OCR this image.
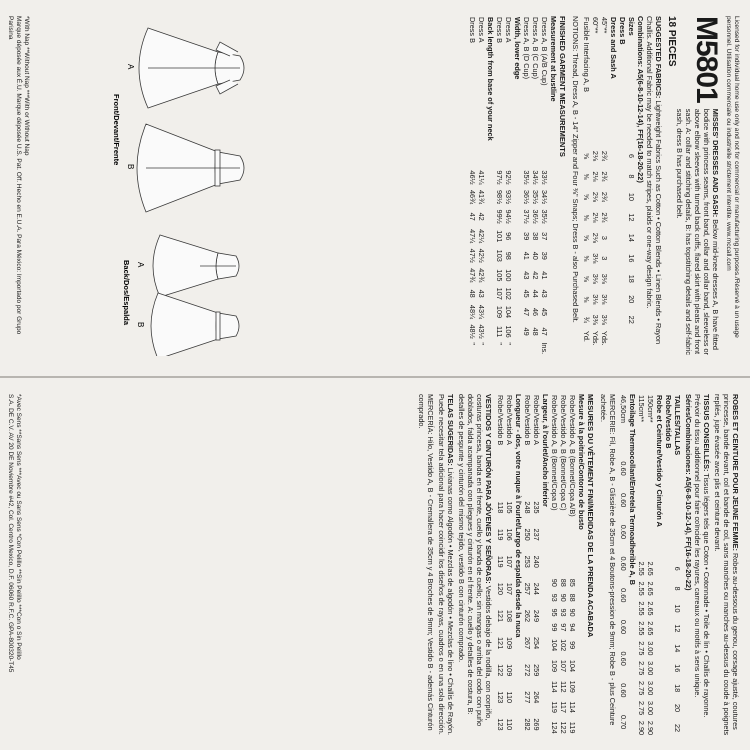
Licensed for individual home use only and not for commercial or manufacturing purposes./Réservé à un usage personnel. Utilisation commerciale ou industrielle strictement interdite. www.mccall.com
M5801
18 PIECES
MISSES' DRESSES AND SASH: Below mid-knee dresses A, B have fitted bodice with princess seams, front band, collar and collar band, sleeveless or above elbow sleeves with turned back cuffs, flared skirt with pleats and front sash. A: collar and stitching details, B: has topstitching details and self-fabric sash, dress B has purchased belt.
SUGGESTED FABRICS: Lightweight Fabrics Such as Cotton • Cotton Blends • Linen Blends • Rayon Challis. Additional Fabric may be needed to match stripes, plaids or one-way design fabric.
Combinations: A5(6-8-10-12-14), FF(16-18-20-22)
Sizes	6	8	10	12	14	16	18	20	22	
Dress B										
Dress and Sash A										
45"**	2¾	2¾	2¾	2¾	3	3	3⅛	3⅛	3⅛	Yds.
60"**	2⅛	2⅛	2⅛	2⅛	2⅛	3⅛	3⅛	3⅛	3⅜	Yds.
Fusible Interfacing A, B	⅝	⅝	⅝	⅝	⅝	⅝	⅝	⅝	¾	Yd.
NOTIONS: Thread, Dress A, B - 14" Zipper and Four ⅜" Snaps; Dress B - also Purchased Belt.
FINISHED GARMENT MEASUREMENTS
Measurement at bustline
Dress A, B (A/B Cup)	33½	34½	35½	37	39	41	43	45	47	Ins.
Dress A, B (C Cup)	34½	35½	36½	38	40	42	44	46	48	
Dress A, B (D Cup)	35½	36½	37½	39	41	43	45	47	49	
Width, lower edge										
Dress A	92½	93½	94½	96	98	100	102	104	106	"
Dress B	97½	98½	99½	101	103	105	107	109	111	"
Back length from base of your neck										
Dress A	41¼	41¾	42	42¼	42½	42¾	43	43¼	43½	"
Dress B	46½	46¾	47	47¼	47½	47¾	48	48¼	48½	"
A
B
Front/Devant/Frente
A
B
Back/Dos/Espalda
*With Nap **Without Nap ***With or Without Nap
Marque déposée aux É.U. Marque déposée U.S. Pat. Off. Hecho en E.U.A. Para México: Importado por Grupo Parisina
ROBES ET CEINTURE POUR JEUNE FEMME: Robes au-dessous du genou, corsage ajusté, coutures princesse, bande devant, col et bande de col, sans manches ou manches au-dessus du coude à poignets repliés, jupe évasée avec plis et ceinture devant.
TISSUS CONSEILLÉS: Tissus légers tels que Coton • Cotonnade • Toile de lin • Challis de rayonne. Prévoir du tissu additionnel pour faire coïncider les rayures, carreaux ou motifs à sens unique.
Séries/Combinaciones: A5(6-8-10-12-14), FF(16-18-20-22)
TAILLES/TALLAS	6	8	10	12	14	16	18	20	22
Robe/Vestido B									
Robe et Ceinture/Vestido y Cinturón A									
150cm**	2.65	2.65	2.65	2.65	3.00	3.00	3.00	3.00	2.90
115cm**	2.55	2.55	2.55	2.55	2.75	2.75	2.75	2.75	2.90
Entoilage Thermocollant/Entretela Termoadherible A, B
46,50cm	0.60	0.60	0.60	0.60	0.60	0.60	0.60	0.60	0.70
MERCERIE: Fil, Robe A, B - Glissière de 35cm et 4 Boutons-pression de 9mm; Robe B - plus Ceinture achetée.
MESURES DU VÊTEMENT FINI/MEDIDAS DE LA PRENDA ACABADA
Mesure à la poitrine/Contorno de busto
Robe/Vestido A, B (Bonnet/Copa A/B)	85	88	90	94	99	104	109	114	119
Robe/Vestido A, B (Bonnet/Copa C)	88	90	93	97	102	107	112	117	122
Robe/Vestido A, B (Bonnet/Copa D)	90	93	95	99	104	109	114	119	124
Largeur, à l'ourlet/Ancho inferior
Robe/Vestido A	235	237	240	244	249	254	259	264	269
Robe/Vestido B	248	250	253	257	262	267	272	277	282
Longueur - dos, votre nuque à l'ourlet/Largo de espalda desde la nuca
Robe/Vestido A	105	106	107	107	108	109	109	110	110
Robe/Vestido B	118	119	119	120	121	121	122	123	123
VESTIDOS Y CINTURÓN PARA JÓVENES Y SEÑORAS: Vestidos debajo de la rodilla, con corpiño, costuras princesa, banda en el frente, cuello y banda de cuello; sin mangas o arriba del codo con puño doblados, falda acampanada con pliegues y cinturón en el frente. A: cuello y detalles de costura, B: detalles de pespunte y cinturón del mismo tejido, vestido B con cinturón comprado.
TELAS SUGERIDAS: Livianas como Algodón • Mezclas de algodón • Mezclas de lino • Challis de Rayón. Puede necesitar tela adicional para hacer coincidir los diseños de rayas, cuadros o en una sola dirección.
MERCERÍA: Hilo, Vestido A, B - Cremallera de 35cm y 4 Broches de 9mm; Vestido B - además Cinturón comprado.
*Avec Sens **Sans Sens ***Avec ou Sans Sens *Con Pelillo **Sin Pelillo ***Con o Sin Pelillo
S.A. DE C.V. AV 20 DE Noviembre #42, Col. Centro Mexico, D.F. 06060 R.F.C. GPA-800320-T45
